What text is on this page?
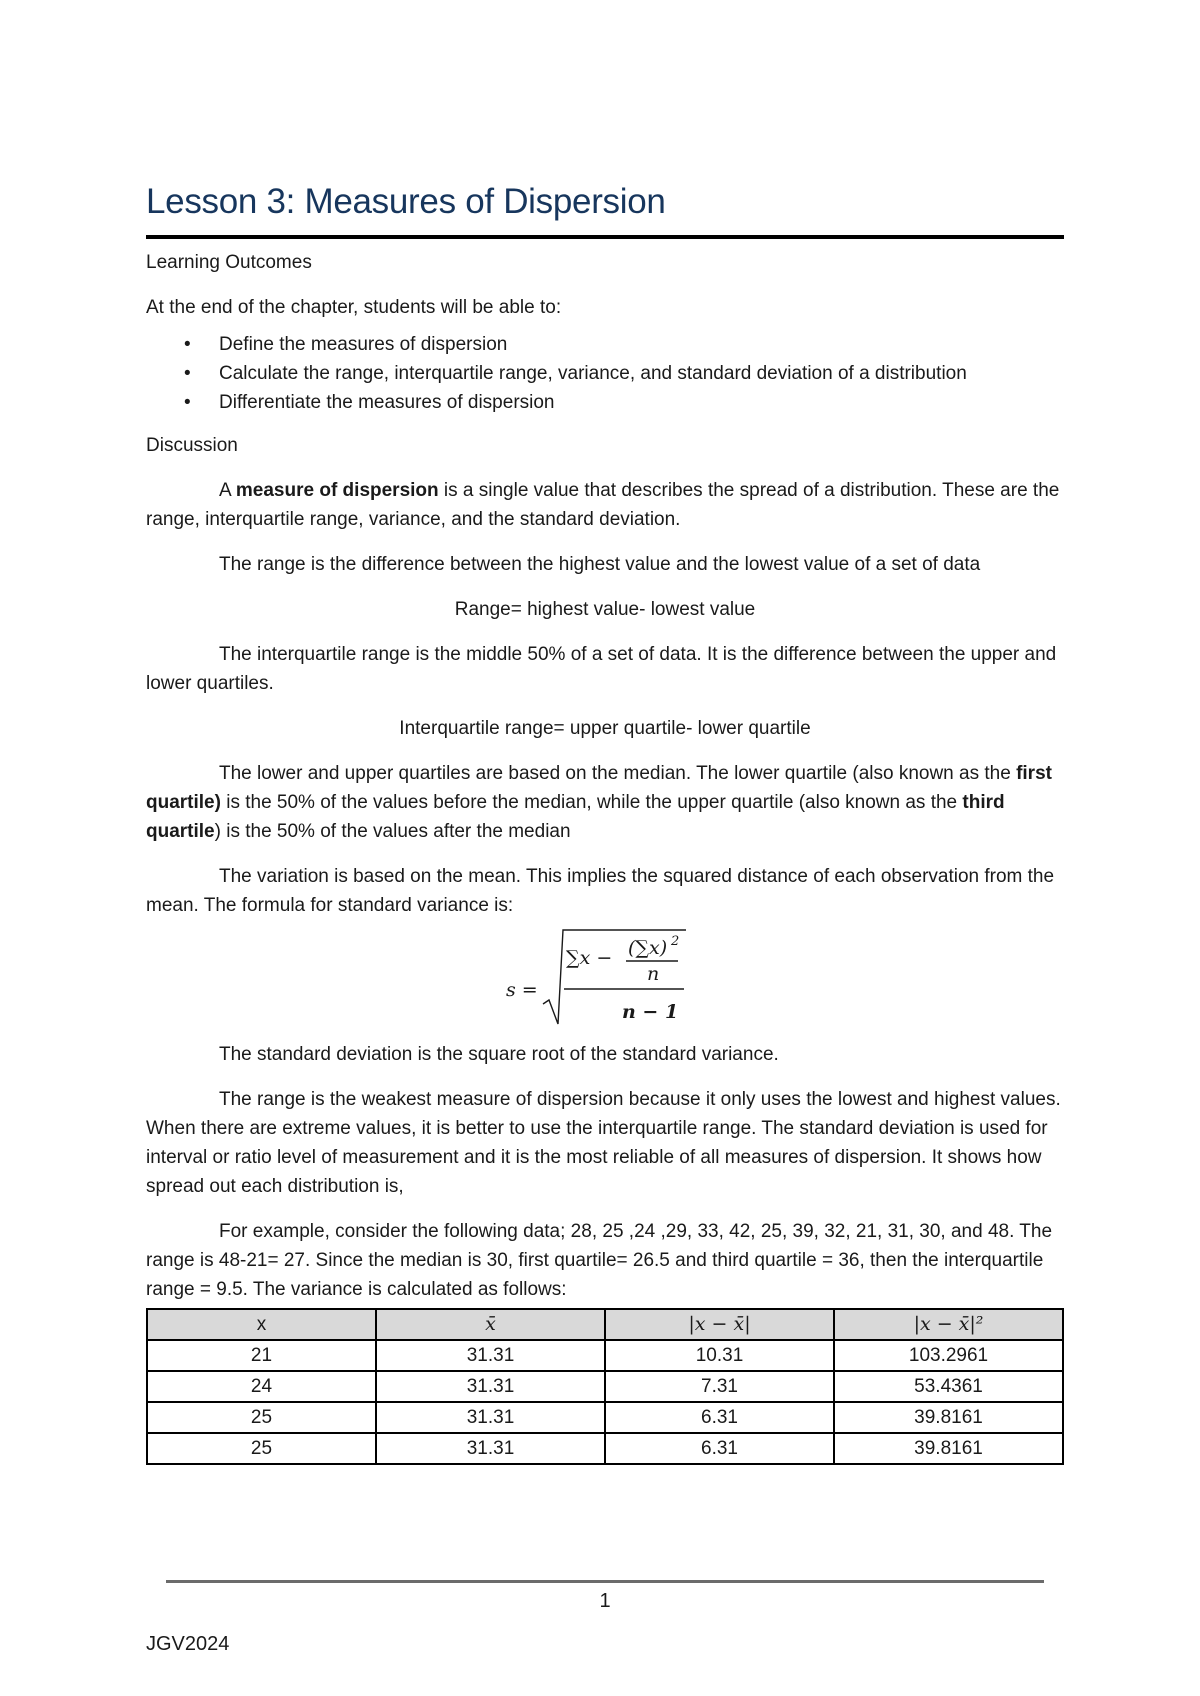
Lesson 3: Measures of Dispersion

Learning Outcomes

At the end of the chapter, students will be able to:

• Define the measures of dispersion
• Calculate the range, interquartile range, variance, and standard deviation of a distribution
• Differentiate the measures of dispersion

Discussion

A measure of dispersion is a single value that describes the spread of a distribution. These are the range, interquartile range, variance, and the standard deviation.

The range is the difference between the highest value and the lowest value of a set of data

Range= highest value- lowest value

The interquartile range is the middle 50% of a set of data. It is the difference between the upper and lower quartiles.

Interquartile range= upper quartile- lower quartile

The lower and upper quartiles are based on the median. The lower quartile (also known as the first quartile) is the 50% of the values before the median, while the upper quartile (also known as the third quartile) is the 50% of the values after the median

The variation is based on the mean. This implies the squared distance of each observation from the mean. The formula for standard variance is:

s =
∑x − (∑x) 2
n
n − 1

The standard deviation is the square root of the standard variance.

The range is the weakest measure of dispersion because it only uses the lowest and highest values. When there are extreme values, it is better to use the interquartile range. The standard deviation is used for interval or ratio level of measurement and it is the most reliable of all measures of dispersion. It shows how spread out each distribution is,

For example, consider the following data; 28, 25 ,24 ,29, 33, 42, 25, 39, 32, 21, 31, 30, and 48. The range is 48-21= 27. Since the median is 30, first quartile= 26.5 and third quartile = 36, then the interquartile range = 9.5. The variance is calculated as follows:

x	x̄	|x − x̄|	|x − x̄|²
21	31.31	10.31	103.2961
24	31.31	7.31	53.4361
25	31.31	6.31	39.8161
25	31.31	6.31	39.8161
1
JGV2024
